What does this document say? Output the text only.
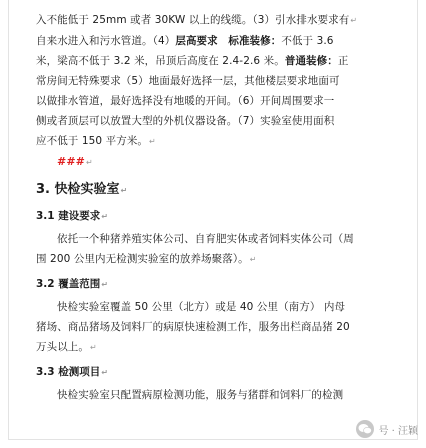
入不能低于 25mm 或者 30KW 以上的线缆。（3）引水排水要求有↵

自来水进入和污水管道。（4）层高要求　标准装修：不低于 3.6

米，梁高不低于 3.2 米，吊顶后高度在 2.4-2.6 米。普通装修：正

常房间无特殊要求（5）地面最好选择一层，其他楼层要求地面可

以做排水管道，最好选择没有地暖的开间。（6）开间周围要求一

侧或者顶层可以放置大型的外机仪器设备。（7）实验室使用面积

应不低于 150 平方米。↵

###↵

3. 快检实验室↵

3.1 建设要求↵

依托一个种猪养殖实体公司、自育肥实体或者饲料实体公司（周

围 200 公里内无检测实验室的放养场聚落）。↵

3.2 覆盖范围↵

快检实验室覆盖 50 公里（北方）或是 40 公里（南方） 内母

猪场、商品猪场及饲料厂的病原快速检测工作，服务出栏商品猪 20

万头以上。↵

3.3 检测项目↵

快检实验室只配置病原检测功能，服务与猪群和饲料厂的检测

号 · 汪颖
